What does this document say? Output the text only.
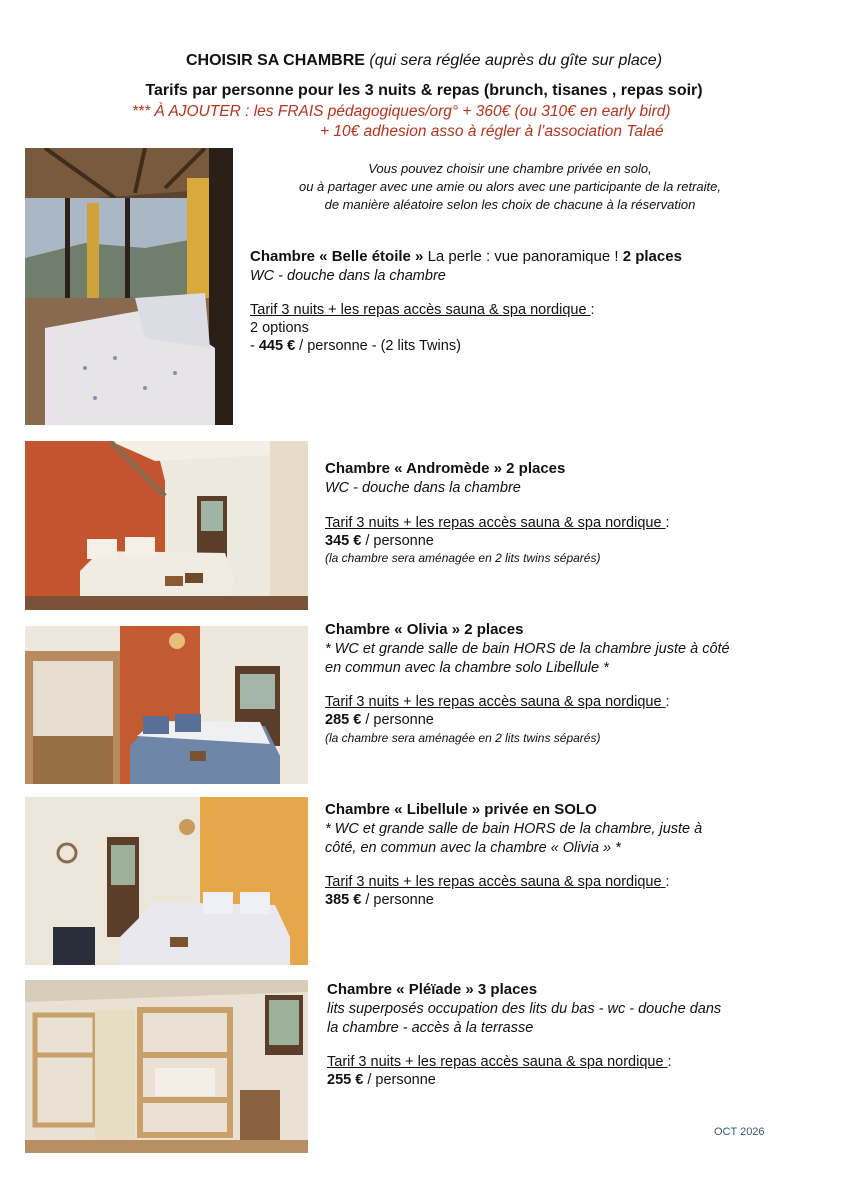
CHOISIR SA CHAMBRE (qui sera réglée auprès du gîte sur place)
Tarifs par personne pour les 3 nuits & repas (brunch, tisanes , repas soir)
*** À AJOUTER : les FRAIS pédagogiques/org° + 360€ (ou 310€ en early bird)
+ 10€ adhesion asso à régler à l’association Talaé
Vous pouvez choisir une chambre privée en solo,
ou à partager avec une amie ou alors avec une participante de la retraite,
de manière aléatoire selon les choix de chacune à la réservation
Chambre « Belle étoile » La perle : vue panoramique ! 2 places
WC - douche dans la chambre
Tarif 3 nuits + les repas accès sauna & spa nordique :
2 options
- 445 € / personne - (2 lits Twins)
Chambre « Andromède » 2 places
WC - douche dans la chambre
Tarif 3 nuits + les repas accès sauna & spa nordique :
345 € / personne
(la chambre sera aménagée en 2 lits twins séparés)
Chambre « Olivia » 2 places
* WC et grande salle de bain HORS de la chambre juste à côté
en commun avec la chambre solo Libellule *
Tarif 3 nuits + les repas accès sauna & spa nordique :
285 € / personne
(la chambre sera aménagée en 2 lits twins séparés)
Chambre « Libellule » privée en SOLO
* WC et grande salle de bain HORS de la chambre, juste à
côté, en commun avec la chambre « Olivia » *
Tarif 3 nuits + les repas accès sauna & spa nordique :
385 € / personne
Chambre « Pléïade » 3 places
lits superposés occupation des lits du bas - wc - douche dans
la chambre - accès à la terrasse
Tarif 3 nuits + les repas accès sauna & spa nordique :
255 € / personne
OCT 2026
